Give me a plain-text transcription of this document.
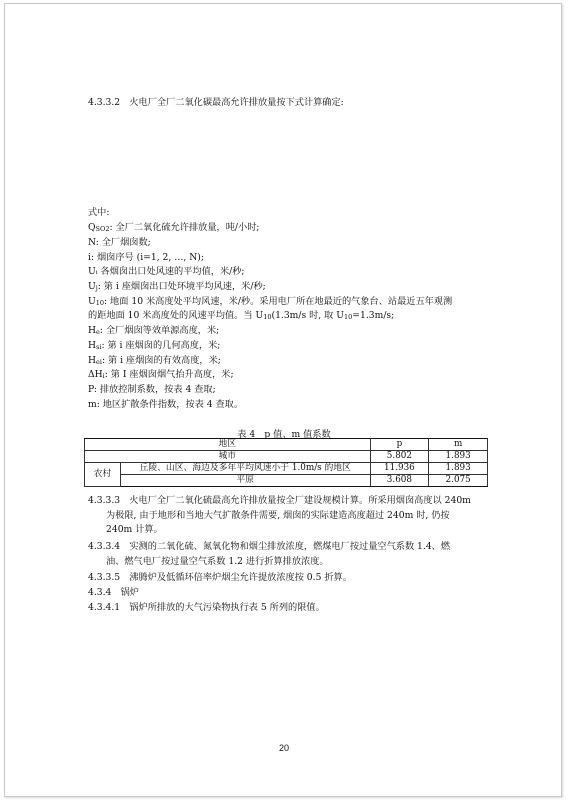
4.3.3.2　火电厂全厂二氧化碳最高允许排放量按下式计算确定:
式中:
$Q_{SO2}$: 全厂二氧化硫允许排放量，吨/小时;
N: 全厂烟囱数;
i: 烟囱序号 (i=1, 2, …, N);
Uᵢ 各烟囱出口处风速的平均值，米/秒;
$U_j$: 第 i 座烟囱出口处环境平均风速，米/秒;
$U_{10}$: 地面 10 米高度处平均风速，米/秒。采用电厂所在地最近的气象台、站最近五年观测
的距地面 10 米高度处的风速平均值。当 $U_{10}(1.3m/s$ 时, 取 $U_{10}=1.3m/s$;
$H_e$: 全厂烟囱等效单源高度，米;
$H_{si}$: 第 i 座烟囱的几何高度，米;
$H_{ei}$: 第 i 座烟囱的有效高度，米;
$\Delta H_i$: 第 I 座烟囱烟气抬升高度，米;
P: 排放控制系数，按表 4 查取;
m: 地区扩散条件指数，按表 4 查取。
表 4　p 值、m 值系数
地区		p	m
城市		5.802	1.893
农村	丘陵、山区、海边及多年平均风速小于 1.0m/s 的地区	11.936	1.893
	平原	3.608	2.075
4.3.3.3　火电厂全厂二氧化硫最高允许排放量按全厂建设规模计算。所采用烟囱高度以 240m
为极限, 由于地形和当地大气扩散条件需要, 烟囱的实际建造高度超过 240m 时, 仍按
240m 计算。
4.3.3.4　实测的二氧化硫、氮氧化物和烟尘排放浓度，燃煤电厂按过量空气系数 1.4、燃
油、燃气电厂按过量空气系数 1.2 进行折算排放浓度。
4.3.3.5　沸腾炉及低循环倍率炉烟尘允许提放浓度按 0.5 折算。
4.3.4　锅炉
4.3.4.1　锅炉所排放的大气污染物执行表 5 所列的限值。
20
